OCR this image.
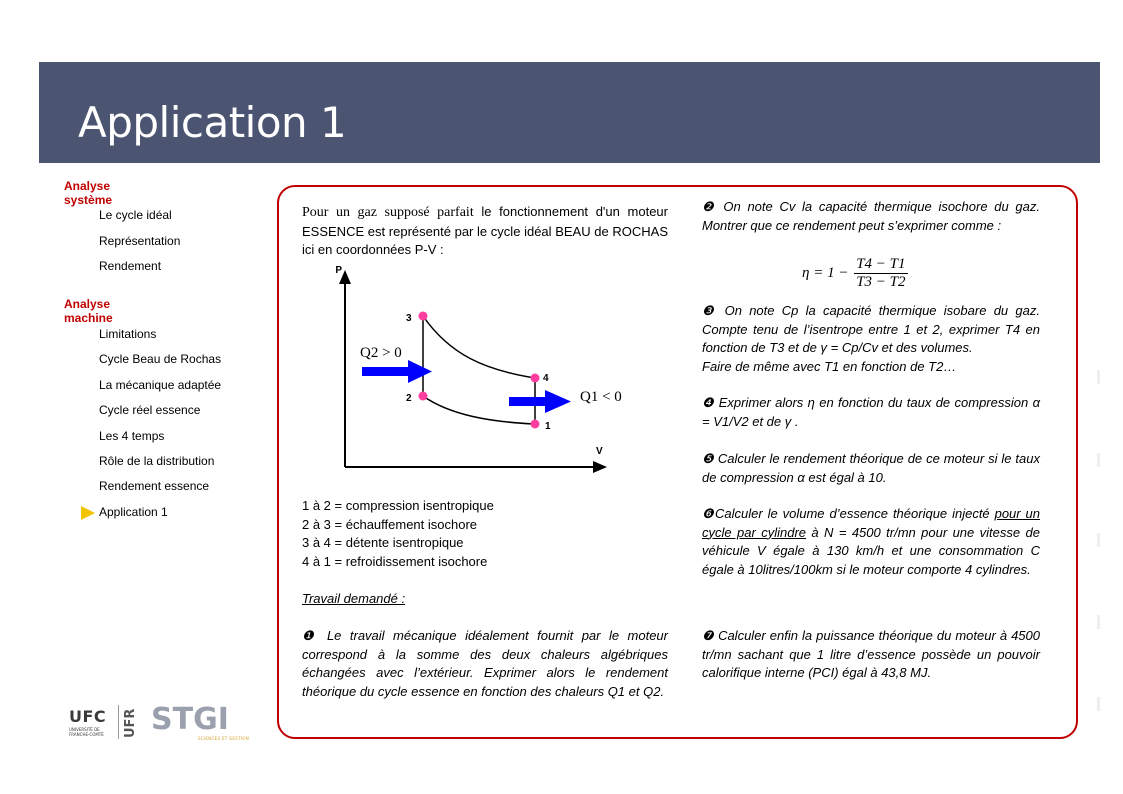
Application 1
Analyse système
Le cycle idéal
Représentation
Rendement
Analyse machine
Limitations
Cycle Beau de Rochas
La mécanique adaptée
Cycle réel essence
Les 4 temps
Rôle de la distribution
Rendement essence
Application 1
Pour un gaz supposé parfait le fonctionnement d'un moteur ESSENCE est représenté par le cycle idéal BEAU de ROCHAS ici en coordonnées P-V :
P
V
3
2
4
1
Q2 > 0
Q1 < 0
1 à 2 = compression isentropique
2 à 3 = échauffement isochore
3 à 4 = détente isentropique
4 à 1 = refroidissement isochore
Travail demandé :
❶ Le travail mécanique idéalement fournit par le moteur correspond à la somme des deux chaleurs algébriques échangées avec l’extérieur. Exprimer alors le rendement théorique du cycle essence en fonction des chaleurs Q1 et Q2.
❷ On note Cv la capacité thermique isochore du gaz. Montrer que ce rendement peut s’exprimer comme :
$\eta = 1 - \frac{T4 - T1}{T3 - T2}$
❸ On note Cp la capacité thermique isobare du gaz. Compte tenu de l’isentrope entre 1 et 2, exprimer T4 en fonction de T3 et de γ = Cp/Cv et des volumes.
Faire de même avec T1 en fonction de T2…
❹ Exprimer alors η en fonction du taux de compression α = V1/V2 et de γ .
❺ Calculer le rendement théorique de ce moteur si le taux de compression α est égal à 10.
❻Calculer le volume d’essence théorique injecté pour un cycle par cylindre à N = 4500 tr/mn pour une vitesse de véhicule V égale à 130 km/h et une consommation C égale à 10litres/100km si le moteur comporte 4 cylindres.
❼ Calculer enfin la puissance théorique du moteur à 4500 tr/mn sachant que 1 litre d’essence possède un pouvoir calorifique interne (PCI) égal à 43,8 MJ.
UFC
UNIVERSITÉ DE FRANCHE-COMTÉ	UFR STGI
SCIENCES ET GESTION
